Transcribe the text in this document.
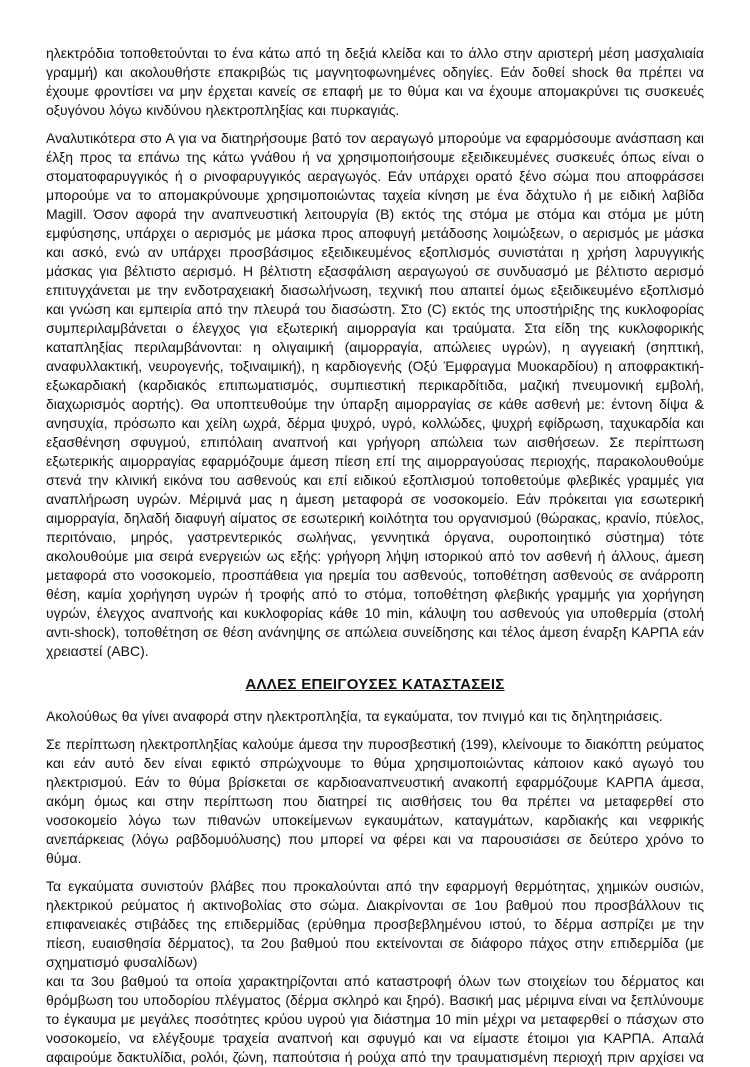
ηλεκτρόδια τοποθετούνται το ένα κάτω από τη δεξιά κλείδα και το άλλο στην αριστερή μέση μασχαλιαία γραμμή) και ακολουθήστε επακριβώς τις μαγνητοφωνημένες οδηγίες. Εάν δοθεί shock θα πρέπει να έχουμε φροντίσει να μην έρχεται κανείς σε επαφή με το θύμα και να έχουμε απομακρύνει τις συσκευές οξυγόνου λόγω κινδύνου ηλεκτροπληξίας και πυρκαγιάς.

Αναλυτικότερα στο Α για να διατηρήσουμε βατό τον αεραγωγό μπορούμε να εφαρμόσουμε ανάσπαση και έλξη προς τα επάνω της κάτω γνάθου ή να χρησιμοποιήσουμε εξειδικευμένες συσκευές όπως είναι ο στοματοφαρυγγικός ή ο ρινοφαρυγγικός αεραγωγός. Εάν υπάρχει ορατό ξένο σώμα που αποφράσσει μπορούμε να το απομακρύνουμε χρησιμοποιώντας ταχεία κίνηση με ένα δάχτυλο ή με ειδική λαβίδα Magill. Όσον αφορά την αναπνευστική λειτουργία (Β) εκτός της στόμα με στόμα και στόμα με μύτη εμφύσησης, υπάρχει ο αερισμός με μάσκα προς αποφυγή μετάδοσης λοιμώξεων, ο αερισμός με μάσκα και ασκό, ενώ αν υπάρχει προσβάσιμος εξειδικευμένος εξοπλισμός συνιστάται η χρήση λαρυγγικής μάσκας για βέλτιστο αερισμό. Η βέλτιστη εξασφάλιση αεραγωγού σε συνδυασμό με βέλτιστο αερισμό επιτυγχάνεται με την ενδοτραχειακή διασωλήνωση, τεχνική που απαιτεί όμως εξειδικευμένο εξοπλισμό και γνώση και εμπειρία από την πλευρά του διασώστη. Στο (C) εκτός της υποστήριξης της κυκλοφορίας συμπεριλαμβάνεται ο έλεγχος για εξωτερική αιμορραγία και τραύματα. Στα είδη της κυκλοφορικής καταπληξίας περιλαμβάνονται: η ολιγαιμική (αιμορραγία, απώλειες υγρών), η αγγειακή (σηπτική, αναφυλλακτική, νευρογενής, τοξιναιμική), η καρδιογενής (Οξύ Έμφραγμα Μυοκαρδίου) η αποφρακτική-εξωκαρδιακή (καρδιακός επιπωματισμός, συμπιεστική περικαρδίτιδα, μαζική πνευμονική εμβολή, διαχωρισμός αορτής). Θα υποπτευθούμε την ύπαρξη αιμορραγίας σε κάθε ασθενή με: έντονη δίψα & ανησυχία, πρόσωπο και χείλη ωχρά, δέρμα ψυχρό, υγρό, κολλώδες, ψυχρή εφίδρωση, ταχυκαρδία και εξασθένηση σφυγμού, επιπόλαιη αναπνοή και γρήγορη απώλεια των αισθήσεων. Σε περίπτωση εξωτερικής αιμορραγίας εφαρμόζουμε άμεση πίεση επί της αιμορραγούσας περιοχής, παρακολουθούμε στενά την κλινική εικόνα του ασθενούς και επί ειδικού εξοπλισμού τοποθετούμε φλεβικές γραμμές για αναπλήρωση υγρών. Μέριμνά μας η άμεση μεταφορά σε νοσοκομείο. Εάν πρόκειται για εσωτερική αιμορραγία, δηλαδή διαφυγή αίματος σε εσωτερική κοιλότητα του οργανισμού (θώρακας, κρανίο, πύελος, περιτόναιο, μηρός, γαστρεντερικός σωλήνας, γεννητικά όργανα, ουροποιητικό σύστημα) τότε ακολουθούμε μια σειρά ενεργειών ως εξής: γρήγορη λήψη ιστορικού από τον ασθενή ή άλλους, άμεση μεταφορά στο νοσοκομείο, προσπάθεια για ηρεμία του ασθενούς, τοποθέτηση ασθενούς σε ανάρροπη θέση, καμία χορήγηση υγρών ή τροφής από το στόμα, τοποθέτηση φλεβικής γραμμής για χορήγηση υγρών, έλεγχος αναπνοής και κυκλοφορίας κάθε 10 min, κάλυψη του ασθενούς για υποθερμία (στολή αντι-shock), τοποθέτηση σε θέση ανάνηψης σε απώλεια συνείδησης και τέλος άμεση έναρξη ΚΑΡΠΑ εάν χρειαστεί (ABC).

ΑΛΛΕΣ ΕΠΕΙΓΟΥΣΕΣ ΚΑΤΑΣΤΑΣΕΙΣ

Ακολούθως θα γίνει αναφορά στην ηλεκτροπληξία, τα εγκαύματα, τον πνιγμό και τις δηλητηριάσεις.

Σε περίπτωση ηλεκτροπληξίας καλούμε άμεσα την πυροσβεστική (199), κλείνουμε το διακόπτη ρεύματος και εάν αυτό δεν είναι εφικτό σπρώχνουμε το θύμα χρησιμοποιώντας κάποιον κακό αγωγό του ηλεκτρισμού. Εάν το θύμα βρίσκεται σε καρδιοαναπνευστική ανακοπή εφαρμόζουμε ΚΑΡΠΑ άμεσα, ακόμη όμως και στην περίπτωση που διατηρεί τις αισθήσεις του θα πρέπει να μεταφερθεί στο νοσοκομείο λόγω των πιθανών υποκείμενων εγκαυμάτων, καταγμάτων, καρδιακής και νεφρικής ανεπάρκειας (λόγω ραβδομυόλυσης) που μπορεί να φέρει και να παρουσιάσει σε δεύτερο χρόνο το θύμα.

Τα εγκαύματα συνιστούν βλάβες που προκαλούνται από την εφαρμογή θερμότητας, χημικών ουσιών, ηλεκτρικού ρεύματος ή ακτινοβολίας στο σώμα. Διακρίνονται σε 1ου βαθμού που προσβάλλουν τις επιφανειακές στιβάδες της επιδερμίδας (ερύθημα προσβεβλημένου ιστού, το δέρμα ασπρίζει με την πίεση, ευαισθησία δέρματος), τα 2ου βαθμού που εκτείνονται σε διάφορο πάχος στην επιδερμίδα (με σχηματισμό φυσαλίδων)

και τα 3ου βαθμού τα οποία χαρακτηρίζονται από καταστροφή όλων των στοιχείων του δέρματος και θρόμβωση του υποδορίου πλέγματος (δέρμα σκληρό και ξηρό). Βασική μας μέριμνα είναι να ξεπλύνουμε το έγκαυμα με μεγάλες ποσότητες κρύου υγρού για διάστημα 10 min μέχρι να μεταφερθεί ο πάσχων στο νοσοκομείο, να ελέγξουμε τραχεία αναπνοή και σφυγμό και να είμαστε έτοιμοι για ΚΑΡΠΑ. Απαλά αφαιρούμε δακτυλίδια, ρολόι, ζώνη, παπούτσια ή ρούχα από την τραυματισμένη περιοχή πριν αρχίσει να
